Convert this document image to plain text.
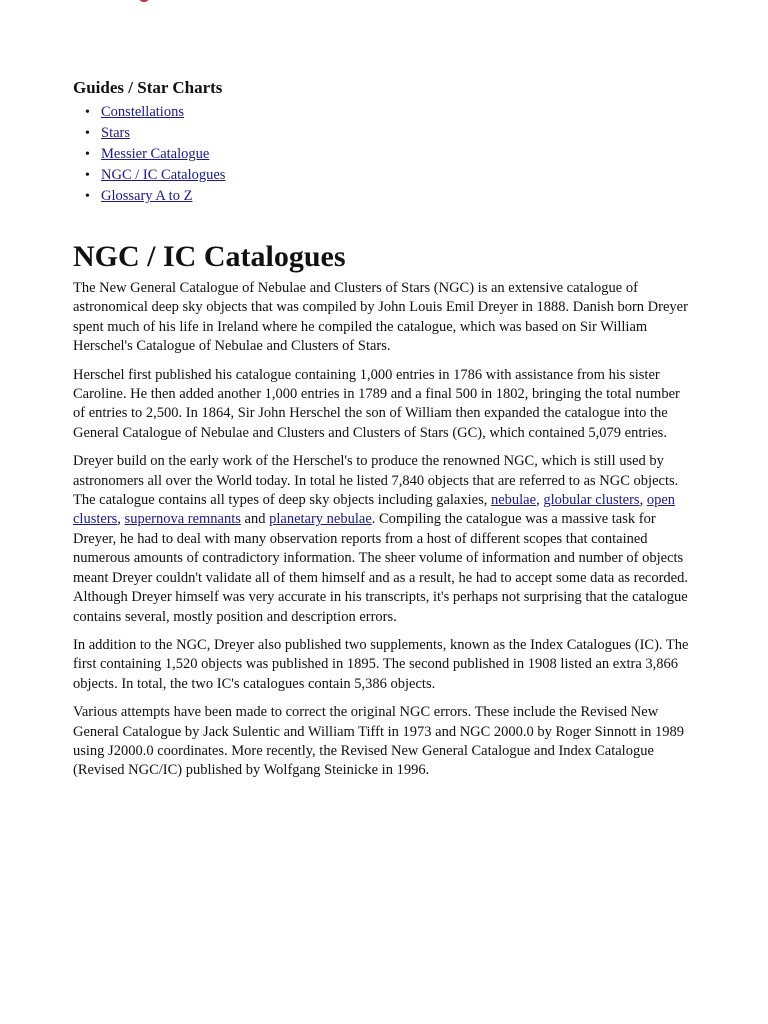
Guides / Star Charts
• Constellations
• Stars
• Messier Catalogue
• NGC / IC Catalogues
• Glossary A to Z
NGC / IC Catalogues

The New General Catalogue of Nebulae and Clusters of Stars (NGC) is an extensive catalogue of astronomical deep sky objects that was compiled by John Louis Emil Dreyer in 1888. Danish born Dreyer spent much of his life in Ireland where he compiled the catalogue, which was based on Sir William Herschel's Catalogue of Nebulae and Clusters of Stars.

Herschel first published his catalogue containing 1,000 entries in 1786 with assistance from his sister Caroline. He then added another 1,000 entries in 1789 and a final 500 in 1802, bringing the total number of entries to 2,500. In 1864, Sir John Herschel the son of William then expanded the catalogue into the General Catalogue of Nebulae and Clusters and Clusters of Stars (GC), which contained 5,079 entries.

Dreyer build on the early work of the Herschel's to produce the renowned NGC, which is still used by astronomers all over the World today. In total he listed 7,840 objects that are referred to as NGC objects. The catalogue contains all types of deep sky objects including galaxies, nebulae, globular clusters, open clusters, supernova remnants and planetary nebulae. Compiling the catalogue was a massive task for Dreyer, he had to deal with many observation reports from a host of different scopes that contained numerous amounts of contradictory information. The sheer volume of information and number of objects meant Dreyer couldn't validate all of them himself and as a result, he had to accept some data as recorded. Although Dreyer himself was very accurate in his transcripts, it's perhaps not surprising that the catalogue contains several, mostly position and description errors.

In addition to the NGC, Dreyer also published two supplements, known as the Index Catalogues (IC). The first containing 1,520 objects was published in 1895. The second published in 1908 listed an extra 3,866 objects. In total, the two IC's catalogues contain 5,386 objects.

Various attempts have been made to correct the original NGC errors. These include the Revised New General Catalogue by Jack Sulentic and William Tifft in 1973 and NGC 2000.0 by Roger Sinnott in 1989 using J2000.0 coordinates. More recently, the Revised New General Catalogue and Index Catalogue (Revised NGC/IC) published by Wolfgang Steinicke in 1996.
